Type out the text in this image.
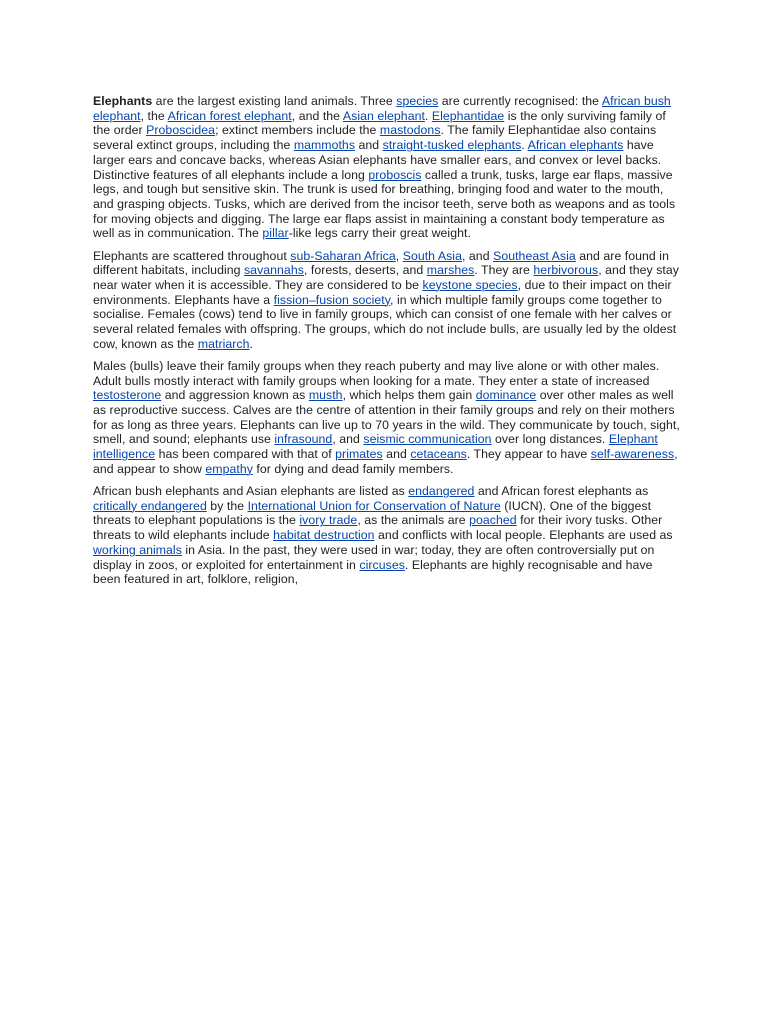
Elephants are the largest existing land animals. Three species are currently recognised: the African bush elephant, the African forest elephant, and the Asian elephant. Elephantidae is the only surviving family of the order Proboscidea; extinct members include the mastodons. The family Elephantidae also contains several extinct groups, including the mammoths and straight-tusked elephants. African elephants have larger ears and concave backs, whereas Asian elephants have smaller ears, and convex or level backs. Distinctive features of all elephants include a long proboscis called a trunk, tusks, large ear flaps, massive legs, and tough but sensitive skin. The trunk is used for breathing, bringing food and water to the mouth, and grasping objects. Tusks, which are derived from the incisor teeth, serve both as weapons and as tools for moving objects and digging. The large ear flaps assist in maintaining a constant body temperature as well as in communication. The pillar-like legs carry their great weight.

Elephants are scattered throughout sub-Saharan Africa, South Asia, and Southeast Asia and are found in different habitats, including savannahs, forests, deserts, and marshes. They are herbivorous, and they stay near water when it is accessible. They are considered to be keystone species, due to their impact on their environments. Elephants have a fission–fusion society, in which multiple family groups come together to socialise. Females (cows) tend to live in family groups, which can consist of one female with her calves or several related females with offspring. The groups, which do not include bulls, are usually led by the oldest cow, known as the matriarch.

Males (bulls) leave their family groups when they reach puberty and may live alone or with other males. Adult bulls mostly interact with family groups when looking for a mate. They enter a state of increased testosterone and aggression known as musth, which helps them gain dominance over other males as well as reproductive success. Calves are the centre of attention in their family groups and rely on their mothers for as long as three years. Elephants can live up to 70 years in the wild. They communicate by touch, sight, smell, and sound; elephants use infrasound, and seismic communication over long distances. Elephant intelligence has been compared with that of primates and cetaceans. They appear to have self-awareness, and appear to show empathy for dying and dead family members.

African bush elephants and Asian elephants are listed as endangered and African forest elephants as critically endangered by the International Union for Conservation of Nature (IUCN). One of the biggest threats to elephant populations is the ivory trade, as the animals are poached for their ivory tusks. Other threats to wild elephants include habitat destruction and conflicts with local people. Elephants are used as working animals in Asia. In the past, they were used in war; today, they are often controversially put on display in zoos, or exploited for entertainment in circuses. Elephants are highly recognisable and have been featured in art, folklore, religion,
